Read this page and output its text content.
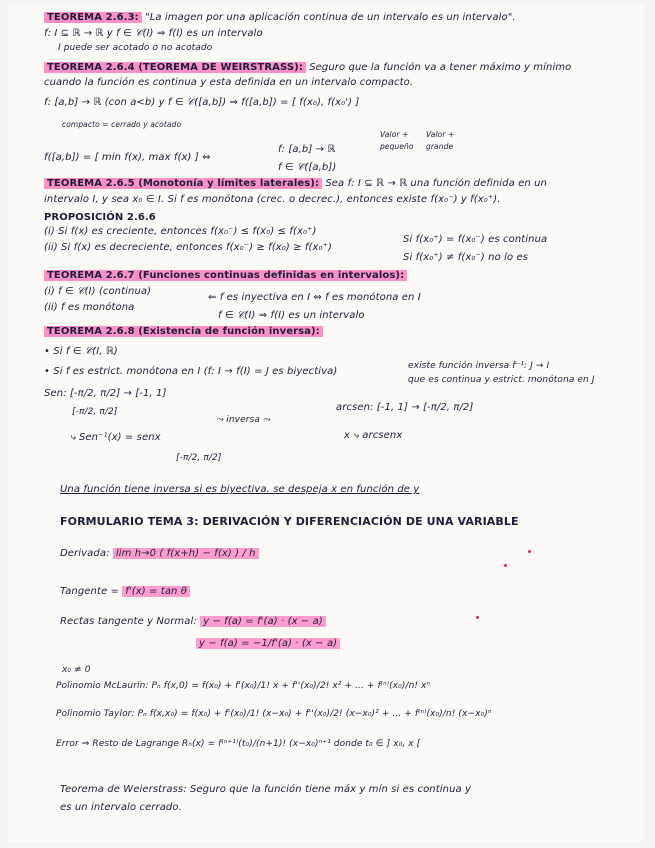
TEOREMA 2.6.3: "La imagen por una aplicación continua de un intervalo es un intervalo".
f: I ⊆ ℝ → ℝ y f ∈ 𝒞(I) ⇒ f(I) es un intervalo
I puede ser acotado o no acotado
TEOREMA 2.6.4 (TEOREMA DE WEIRSTRASS): Seguro que la función va a tener máximo y mínimo
cuando la función es continua y esta definida en un intervalo compacto.
f: [a,b] → ℝ (con a<b) y f ∈ 𝒞([a,b]) ⇒ f([a,b]) = [ f(x₀), f(x₀') ]
compacto = cerrado y acotado
Valor + pequeño
Valor + grande
f([a,b]) = [ min f(x), max f(x) ] ⇔
f: [a,b] → ℝ
f ∈ 𝒞([a,b])
TEOREMA 2.6.5 (Monotonía y límites laterales): Sea f: I ⊆ ℝ → ℝ una función definida en un
intervalo I, y sea x₀ ∈ I. Si f es monótona (crec. o decrec.), entonces existe f(x₀⁻) y f(x₀⁺).
PROPOSICIÓN 2.6.6
(i) Si f(x) es creciente, entonces f(x₀⁻) ≤ f(x₀) ≤ f(x₀⁺)
Si f(x₀⁺) = f(x₀⁻) es continua
(ii) Si f(x) es decreciente, entonces f(x₀⁻) ≥ f(x₀) ≥ f(x₀⁺)
Si f(x₀⁺) ≠ f(x₀⁻) no lo es
TEOREMA 2.6.7 (Funciones continuas definidas en intervalos):
(i) f ∈ 𝒞(I) (continua)
⇐ f es inyectiva en I ⇔ f es monótona en I
(ii) f es monótona
f ∈ 𝒞(I) ⇒ f(I) es un intervalo
TEOREMA 2.6.8 (Existencia de función inversa):
• Si f ∈ 𝒞(I, ℝ)
• Si f es estrict. monótona en I (f: I → f(I) = J es biyectiva)	existe función inversa f⁻¹: J → I
que es continua y estrict. monótona en J
Sen: [-π/2, π/2] → [-1, 1]
arcsen: [-1, 1] → [-π/2, π/2]
[-π/2, π/2]
⤳ inversa ⤳
⤷ Sen⁻¹(x) = senx	x ⤷ arcsenx
[-π/2, π/2]
Una función tiene inversa si es biyectiva. se despeja x en función de y
FORMULARIO TEMA 3: DERIVACIÓN Y DIFERENCIACIÓN DE UNA VARIABLE
Derivada: lim h→0 ( f(x+h) − f(x) ) / h
Tangente = f'(x) = tan θ
Rectas tangente y Normal: y − f(a) = f'(a) · (x − a)
y − f(a) = −1/f'(a) · (x − a)
x₀ ≠ 0
Polinomio McLaurin: Pₙ f(x,0) = f(x₀) + f'(x₀)/1! x + f''(x₀)/2! x² + ... + f⁽ⁿ⁾(x₀)/n! xⁿ
Polinomio Taylor: Pₙ f(x,x₀) = f(x₀) + f'(x₀)/1! (x−x₀) + f''(x₀)/2! (x−x₀)² + ... + f⁽ⁿ⁾(x₀)/n! (x−x₀)ⁿ
Error ⇒ Resto de Lagrange Rₙ(x) = f⁽ⁿ⁺¹⁾(t₀)/(n+1)! (x−x₀)ⁿ⁺¹ donde t₀ ∈ ] x₀, x [
Teorema de Weierstrass: Seguro que la función tiene máx y mín si es continua y
es un intervalo cerrado.
